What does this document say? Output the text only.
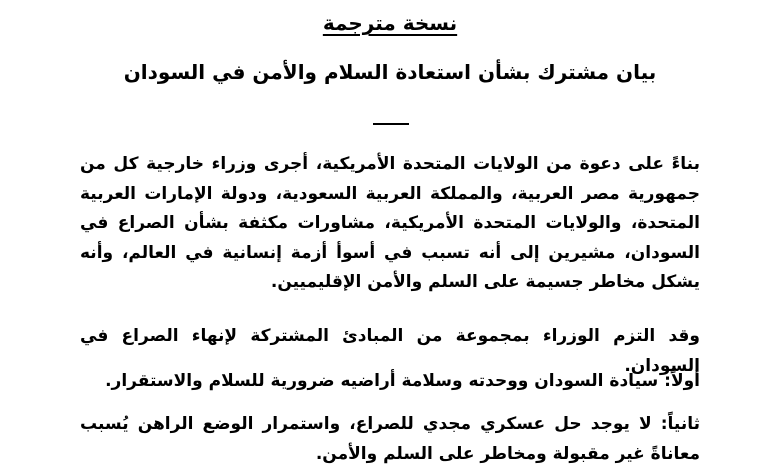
نسخة مترجمة
بيان مشترك بشأن استعادة السلام والأمن في السودان

بناءً على دعوة من الولايات المتحدة الأمريكية، أجرى وزراء خارجية كل من جمهورية مصر العربية، والمملكة العربية السعودية، ودولة الإمارات العربية المتحدة، والولايات المتحدة الأمريكية، مشاورات مكثفة بشأن الصراع في السودان، مشيرين إلى أنه تسبب في أسوأ أزمة إنسانية في العالم، وأنه يشكل مخاطر جسيمة على السلم والأمن الإقليميين.

وقد التزم الوزراء بمجموعة من المبادئ المشتركة لإنهاء الصراع في السودان.

أولاً: سيادة السودان ووحدته وسلامة أراضيه ضرورية للسلام والاستقرار.

ثانياً: لا يوجد حل عسكري مجدي للصراع، واستمرار الوضع الراهن يُسبب معاناةً غير مقبولة ومخاطر على السلم والأمن.
